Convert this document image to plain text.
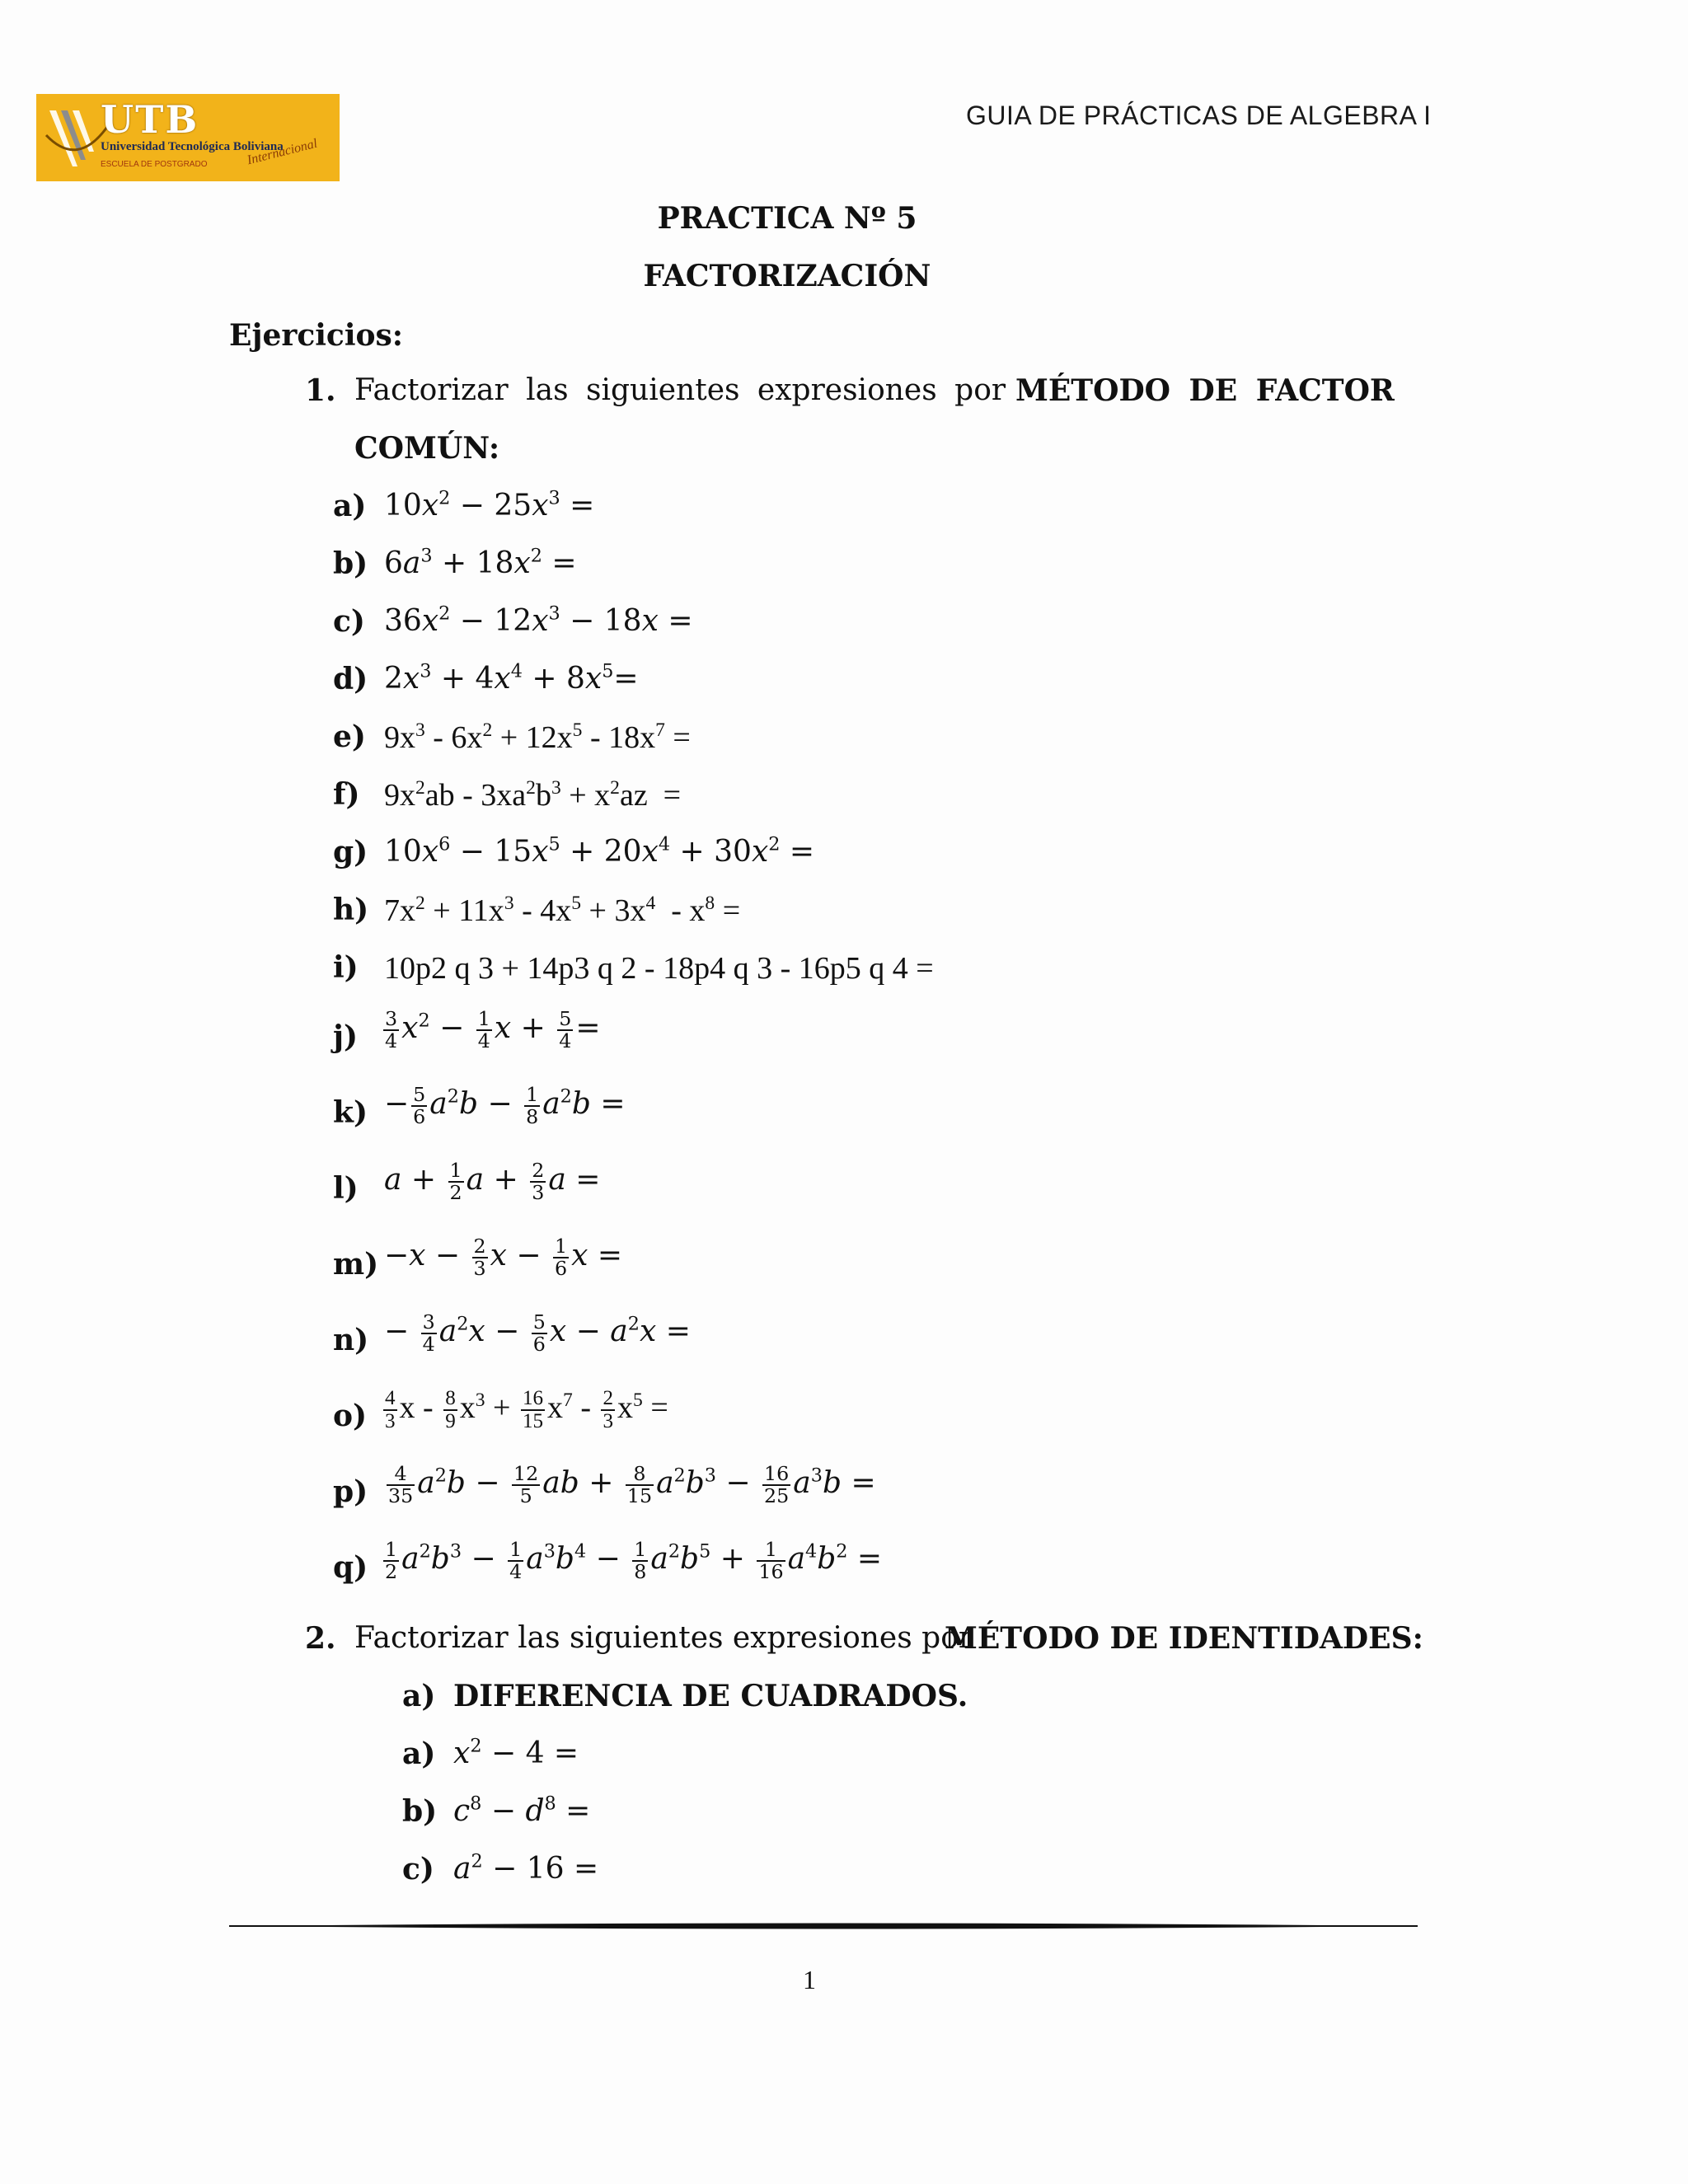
UTB
Universidad Tecnológica Boliviana
ESCUELA DE POSTGRADO	Internacional
GUIA DE PRÁCTICAS DE ALGEBRA I
PRACTICA Nº 5
FACTORIZACIÓN
Ejercicios:
1. Factorizar las siguientes expresiones por MÉTODO DE FACTOR
COMÚN:
a) $10x^2 - 25x^3$ =
b) $6a^3 + 18x^2$ =
c) $36x^2 - 12x^3 - 18x$ =
d) $2x^3 + 4x^4 + 8x^5=$
e) $9x^3 - 6x^2 + 12x^5 - 18x^7$ =
f) $9x^2ab - 3xa^2b^3 + x^2az$  =
g) $10x^6 - 15x^5 + 20x^4 + 30x^2$ =
h) $7x^2 + 11x^3 - 4x^5 + 3x^4 - x^8$ =
i) 10p2 q 3 + 14p3 q 2 - 18p4 q 3 - 16p5 q 4 =
$j) \frac{3}{4} x^2 - \frac{1}{4}$ $x + \frac{5}{4}$ =
$k) - \frac{5}{6} a^2b - \frac{1}{8} a^2b$ =
l) $a + \frac{1}{2}$ $a + \frac{2}{3}$ a =
$m) -x - \frac{2}{3}$ $x - \frac{1}{6}$ x =
$n) - \frac{3}{4} a^2x - \frac{5}{6}$ $x - a^2x$ =
$o) \frac{4}{3}$ $x - \frac{8}{9} x^3 + \frac{16}{15} x^7 - \frac{2}{3} x^5$ =
$p) \frac{4}{35} a^2b - \frac{12}{5}$ ab + $\frac{8}{15} a^2b^3 - \frac{16}{25} a^3b$ =
$q) \frac{1}{2} a^2b^3 - \frac{1}{4} a^3b^4 - \frac{1}{8} a^2b^5 + \frac{1}{16} a^4b^2$ =
2. Factorizar las siguientes expresiones por
MÉTODO DE IDENTIDADES:
a) DIFERENCIA DE CUADRADOS.
a) $x^2 - 4$ =
b) $c^8 - d^8$ =
c) $a^2 - 16$ =
1
